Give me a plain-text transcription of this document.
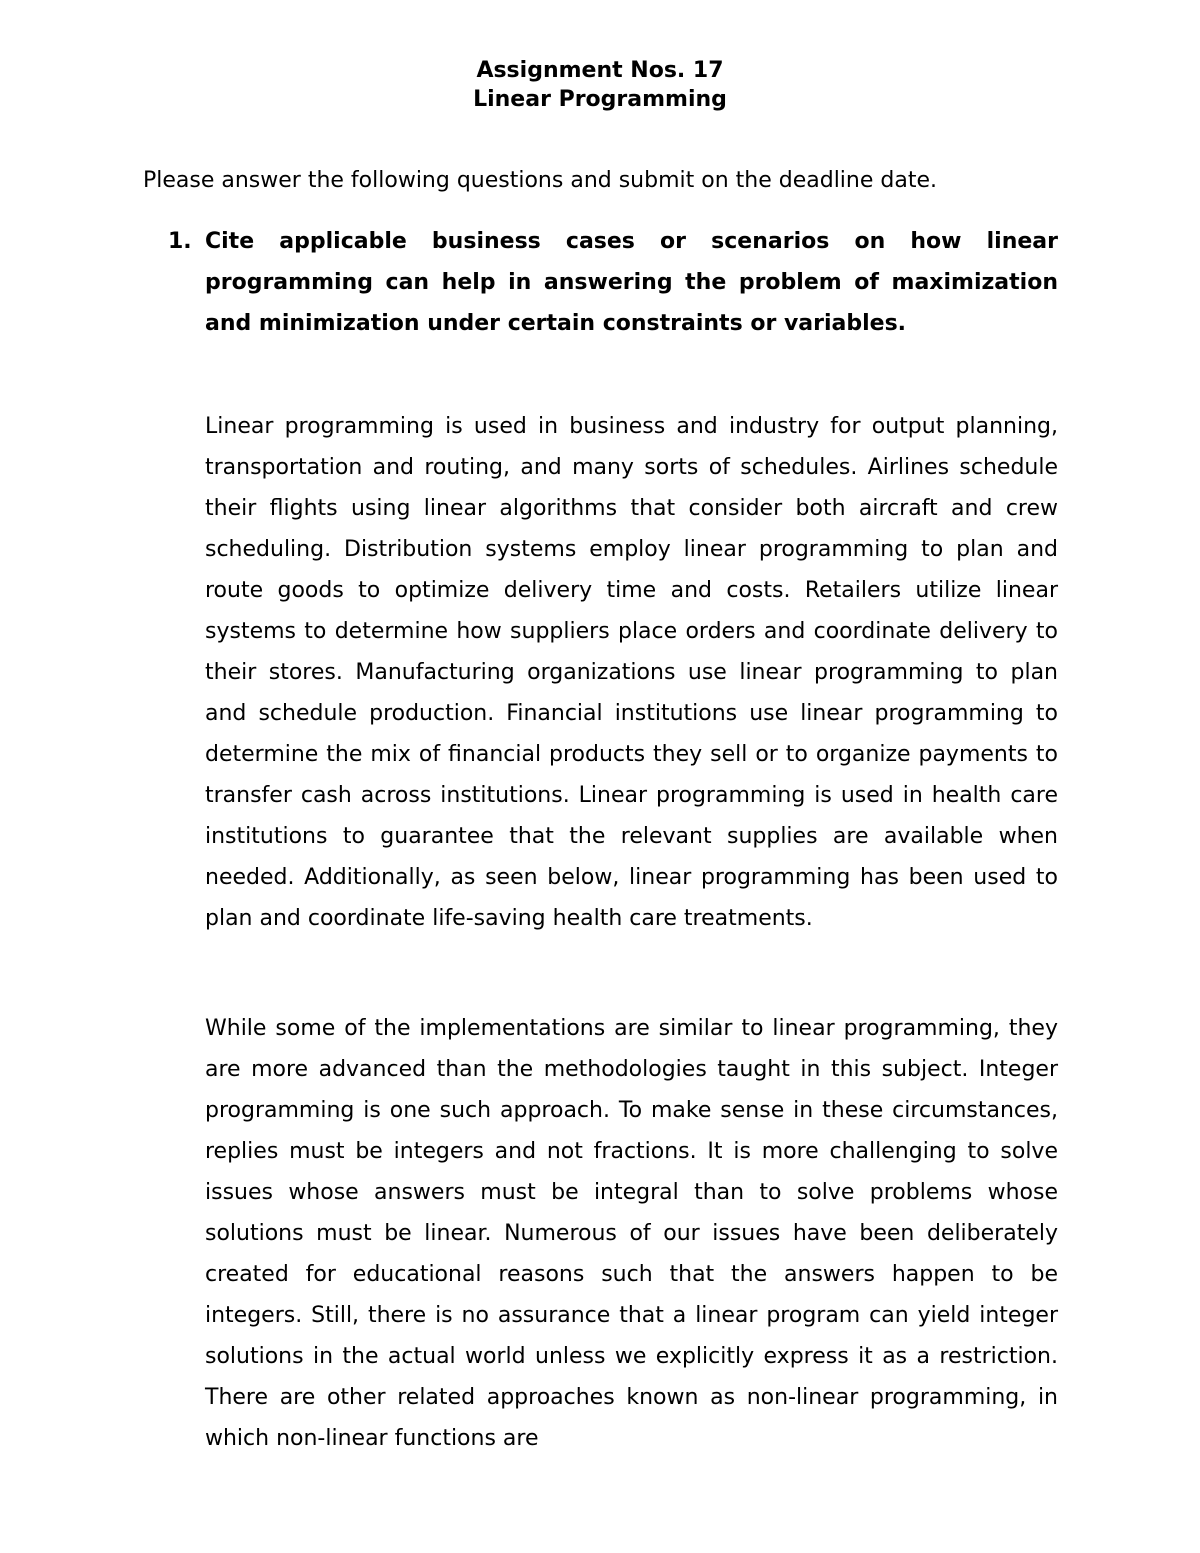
Assignment Nos. 17
Linear Programming
Please answer the following questions and submit on the deadline date.
1. Cite applicable business cases or scenarios on how linear programming can help in answering the problem of maximization and minimization under certain constraints or variables.

Linear programming is used in business and industry for output planning, transportation and routing, and many sorts of schedules. Airlines schedule their flights using linear algorithms that consider both aircraft and crew scheduling. Distribution systems employ linear programming to plan and route goods to optimize delivery time and costs. Retailers utilize linear systems to determine how suppliers place orders and coordinate delivery to their stores. Manufacturing organizations use linear programming to plan and schedule production. Financial institutions use linear programming to determine the mix of financial products they sell or to organize payments to transfer cash across institutions. Linear programming is used in health care institutions to guarantee that the relevant supplies are available when needed. Additionally, as seen below, linear programming has been used to plan and coordinate life-saving health care treatments.

While some of the implementations are similar to linear programming, they are more advanced than the methodologies taught in this subject. Integer programming is one such approach. To make sense in these circumstances, replies must be integers and not fractions. It is more challenging to solve issues whose answers must be integral than to solve problems whose solutions must be linear. Numerous of our issues have been deliberately created for educational reasons such that the answers happen to be integers. Still, there is no assurance that a linear program can yield integer solutions in the actual world unless we explicitly express it as a restriction. There are other related approaches known as non-linear programming, in which non-linear functions are
